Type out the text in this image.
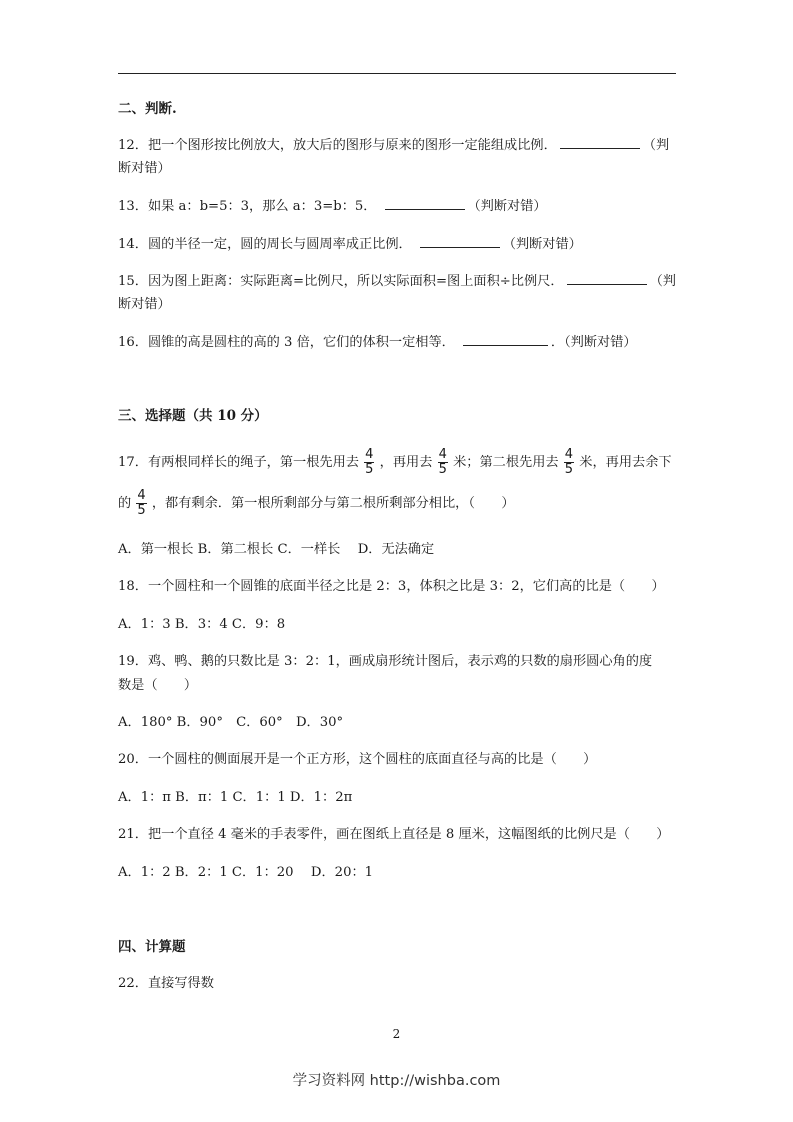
二、判断.
12．把一个图形按比例放大，放大后的图形与原来的图形一定能组成比例．	（判
断对错）
13．如果 a：b=5：3，那么 a：3=b：5．	（判断对错）
14．圆的半径一定，圆的周长与圆周率成正比例．	（判断对错）
15．因为图上距离：实际距离=比例尺，所以实际面积=图上面积÷比例尺．	（判
断对错）
16．圆锥的高是圆柱的高的 3 倍，它们的体积一定相等．	．（判断对错）
三、选择题（共 10 分）
17．有两根同样长的绳子，第一根先用去 $\frac{4}{5}$ ，再用去 $\frac{4}{5}$ 米；第二根先用去 $\frac{4}{5}$ 米，再用去余下
的 $\frac{4}{5}$ ，都有剩余．第一根所剩部分与第二根所剩部分相比，（　　）
A．第一根长 B．第二根长 C．一样长　 D．无法确定
18．一个圆柱和一个圆锥的底面半径之比是 2：3，体积之比是 3：2，它们高的比是（　　）
A．1：3 B．3：4 C．9：8
19．鸡、鸭、鹅的只数比是 3：2：1，画成扇形统计图后，表示鸡的只数的扇形圆心角的度
数是（　　）
A．180° B．90°　C．60°　D．30°
20．一个圆柱的侧面展开是一个正方形，这个圆柱的底面直径与高的比是（　　）
A．1：π B．π：1 C．1：1 D．1：2π
21．把一个直径 4 毫米的手表零件，画在图纸上直径是 8 厘米，这幅图纸的比例尺是（　　）
A．1：2 B．2：1 C．1：20　 D．20：1
四、计算题
22．直接写得数
2
学习资料网 http://wishba.com
